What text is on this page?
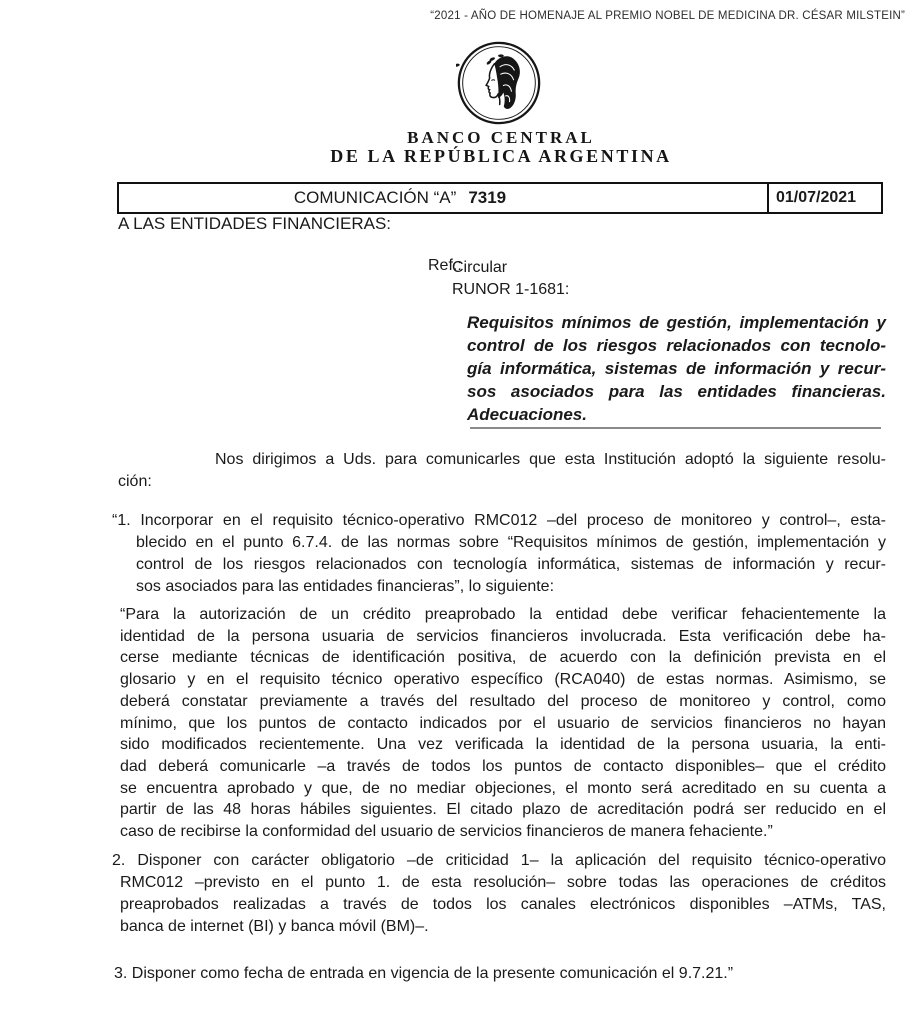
“2021 - AÑO DE HOMENAJE AL PREMIO NOBEL DE MEDICINA DR. CÉSAR MILSTEIN”
BANCO CENTRAL
DE LA REPÚBLICA ARGENTINA
COMUNICACIÓN “A” 7319	01/07/2021
A LAS ENTIDADES FINANCIERAS:
Ref.:
Circular
RUNOR 1-1681:
Requisitos mínimos de gestión, implementación y
control de los riesgos relacionados con tecnolo-
gía informática, sistemas de información y recur-
sos asociados para las entidades financieras.
Adecuaciones.
Nos dirigimos a Uds. para comunicarles que esta Institución adoptó la siguiente resolu-
ción:
“1. Incorporar en el requisito técnico-operativo RMC012 –del proceso de monitoreo y control–, esta-
blecido en el punto 6.7.4. de las normas sobre “Requisitos mínimos de gestión, implementación y
control de los riesgos relacionados con tecnología informática, sistemas de información y recur-
sos asociados para las entidades financieras”, lo siguiente:
“Para la autorización de un crédito preaprobado la entidad debe verificar fehacientemente la
identidad de la persona usuaria de servicios financieros involucrada. Esta verificación debe ha-
cerse mediante técnicas de identificación positiva, de acuerdo con la definición prevista en el
glosario y en el requisito técnico operativo específico (RCA040) de estas normas. Asimismo, se
deberá constatar previamente a través del resultado del proceso de monitoreo y control, como
mínimo, que los puntos de contacto indicados por el usuario de servicios financieros no hayan
sido modificados recientemente. Una vez verificada la identidad de la persona usuaria, la enti-
dad deberá comunicarle –a través de todos los puntos de contacto disponibles– que el crédito
se encuentra aprobado y que, de no mediar objeciones, el monto será acreditado en su cuenta a
partir de las 48 horas hábiles siguientes. El citado plazo de acreditación podrá ser reducido en el
caso de recibirse la conformidad del usuario de servicios financieros de manera fehaciente.”
2. Disponer con carácter obligatorio –de criticidad 1– la aplicación del requisito técnico-operativo
RMC012 –previsto en el punto 1. de esta resolución– sobre todas las operaciones de créditos
preaprobados realizadas a través de todos los canales electrónicos disponibles –ATMs, TAS,
banca de internet (BI) y banca móvil (BM)–.
3. Disponer como fecha de entrada en vigencia de la presente comunicación el 9.7.21.”
